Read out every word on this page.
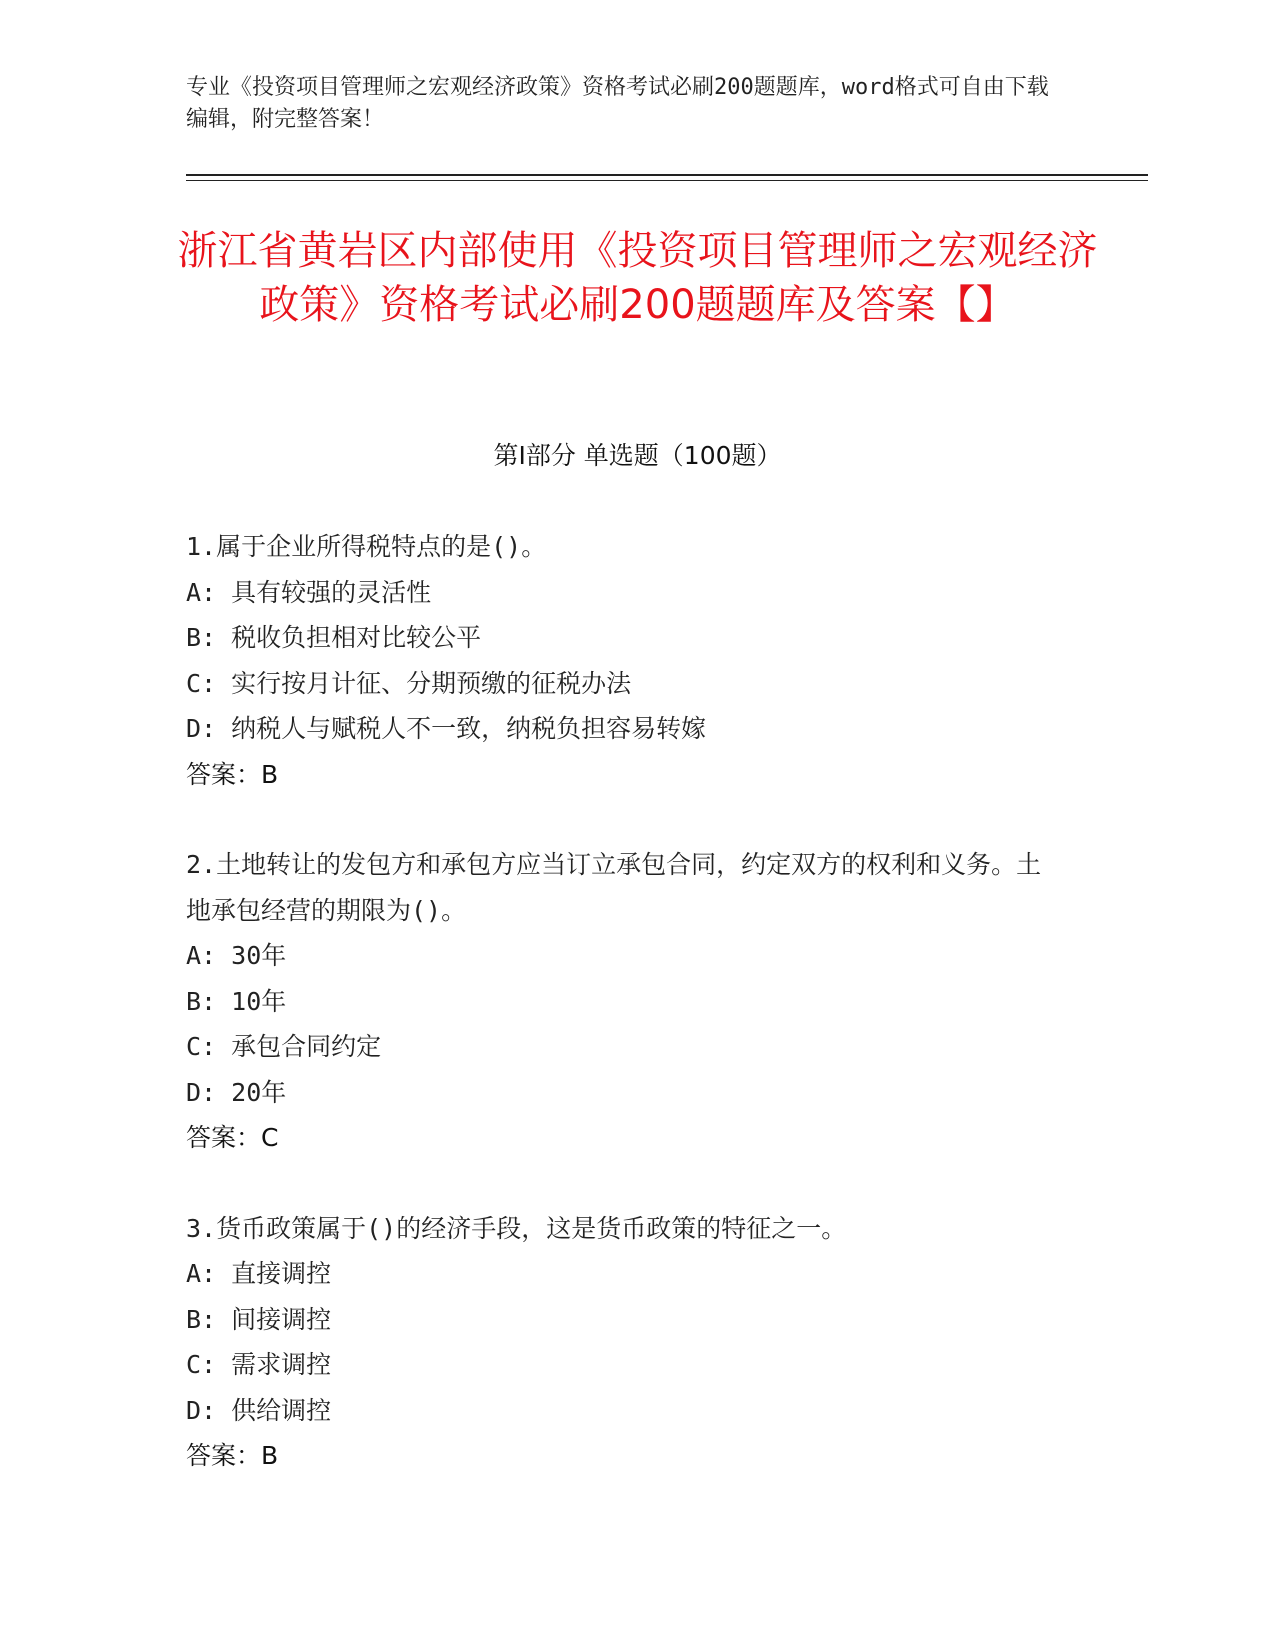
专业《投资项目管理师之宏观经济政策》资格考试必刷200题题库，word格式可自由下载编辑，附完整答案！

浙江省黄岩区内部使用《投资项目管理师之宏观经济政策》资格考试必刷200题题库及答案【】
第I部分 单选题（100题）

1.属于企业所得税特点的是()。

A: 具有较强的灵活性

B: 税收负担相对比较公平

C: 实行按月计征、分期预缴的征税办法

D: 纳税人与赋税人不一致，纳税负担容易转嫁

答案：B

2.土地转让的发包方和承包方应当订立承包合同，约定双方的权利和义务。土地承包经营的期限为()。

A: 30年

B: 10年

C: 承包合同约定

D: 20年

答案：C

3.货币政策属于()的经济手段，这是货币政策的特征之一。

A: 直接调控

B: 间接调控

C: 需求调控

D: 供给调控

答案：B
